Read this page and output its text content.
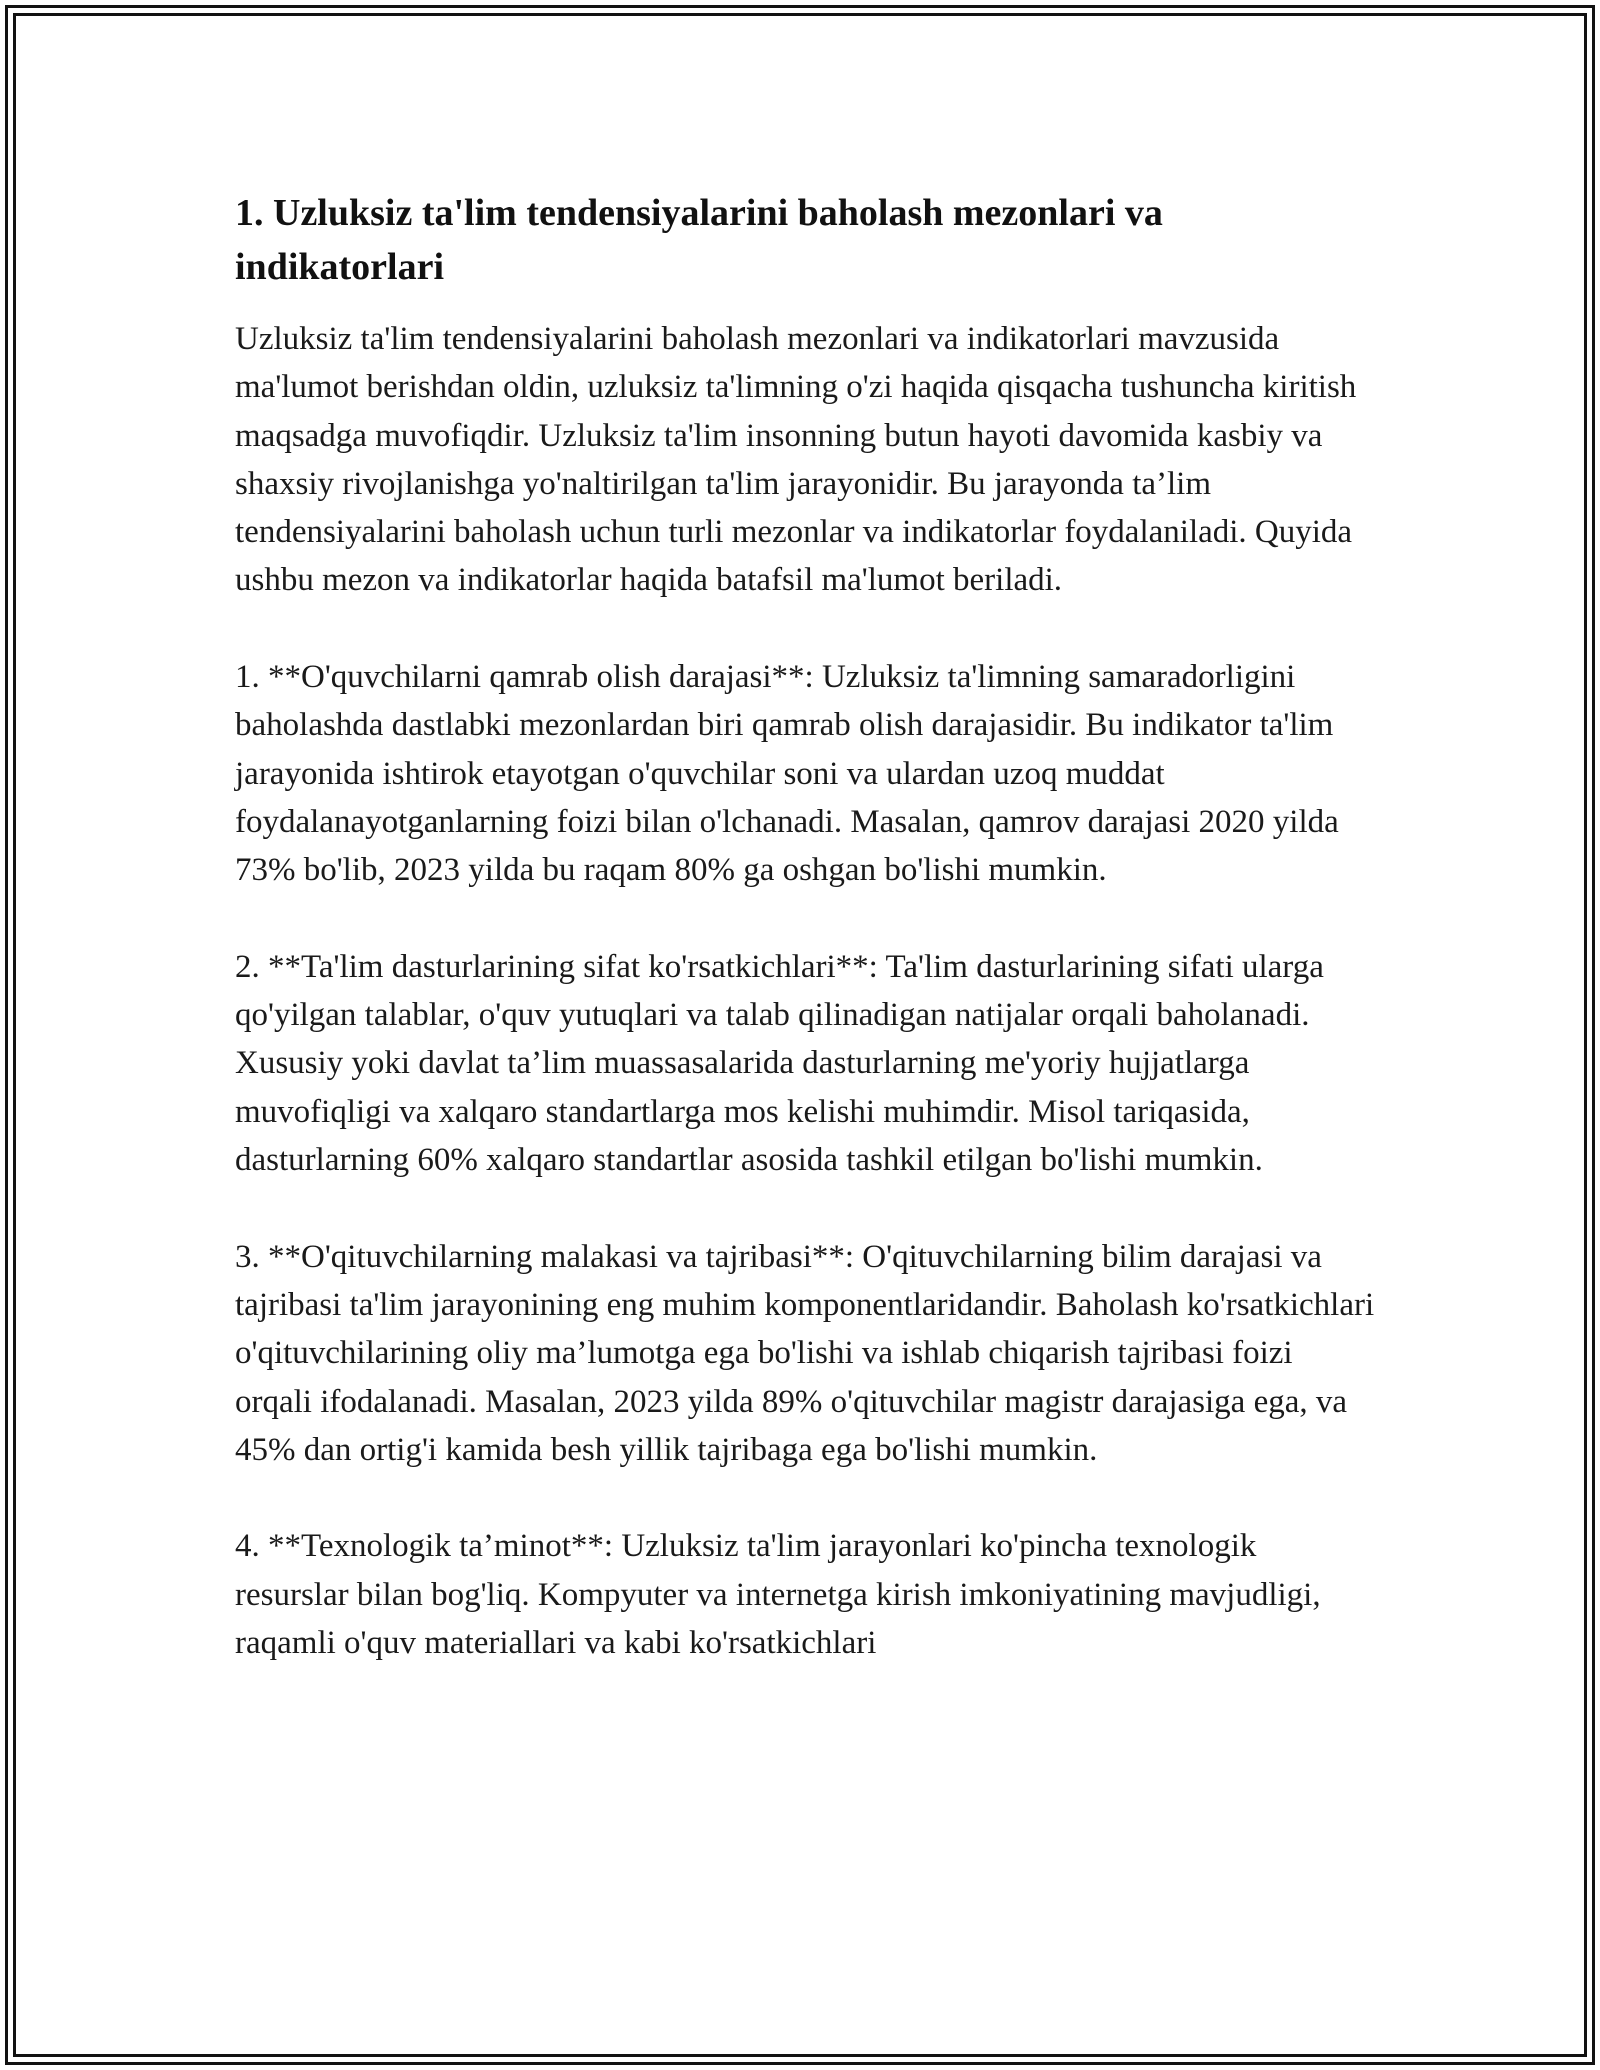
1. Uzluksiz ta'lim tendensiyalarini baholash mezonlari va indikatorlari

Uzluksiz ta'lim tendensiyalarini baholash mezonlari va indikatorlari mavzusida ma'lumot berishdan oldin, uzluksiz ta'limning o'zi haqida qisqacha tushuncha kiritish maqsadga muvofiqdir. Uzluksiz ta'lim insonning butun hayoti davomida kasbiy va shaxsiy rivojlanishga yo'naltirilgan ta'lim jarayonidir. Bu jarayonda ta’lim tendensiyalarini baholash uchun turli mezonlar va indikatorlar foydalaniladi. Quyida ushbu mezon va indikatorlar haqida batafsil ma'lumot beriladi.

1. **O'quvchilarni qamrab olish darajasi**: Uzluksiz ta'limning samaradorligini baholashda dastlabki mezonlardan biri qamrab olish darajasidir. Bu indikator ta'lim jarayonida ishtirok etayotgan o'quvchilar soni va ulardan uzoq muddat foydalanayotganlarning foizi bilan o'lchanadi. Masalan, qamrov darajasi 2020 yilda 73% bo'lib, 2023 yilda bu raqam 80% ga oshgan bo'lishi mumkin.

2. **Ta'lim dasturlarining sifat ko'rsatkichlari**: Ta'lim dasturlarining sifati ularga qo'yilgan talablar, o'quv yutuqlari va talab qilinadigan natijalar orqali baholanadi. Xususiy yoki davlat ta’lim muassasalarida dasturlarning me'yoriy hujjatlarga muvofiqligi va xalqaro standartlarga mos kelishi muhimdir. Misol tariqasida, dasturlarning 60% xalqaro standartlar asosida tashkil etilgan bo'lishi mumkin.

3. **O'qituvchilarning malakasi va tajribasi**: O'qituvchilarning bilim darajasi va tajribasi ta'lim jarayonining eng muhim komponentlaridandir. Baholash ko'rsatkichlari o'qituvchilarining oliy ma’lumotga ega bo'lishi va ishlab chiqarish tajribasi foizi orqali ifodalanadi. Masalan, 2023 yilda 89% o'qituvchilar magistr darajasiga ega, va 45% dan ortig'i kamida besh yillik tajribaga ega bo'lishi mumkin.

4. **Texnologik ta’minot**: Uzluksiz ta'lim jarayonlari ko'pincha texnologik resurslar bilan bog'liq. Kompyuter va internetga kirish imkoniyatining mavjudligi, raqamli o'quv materiallari va kabi ko'rsatkichlari
